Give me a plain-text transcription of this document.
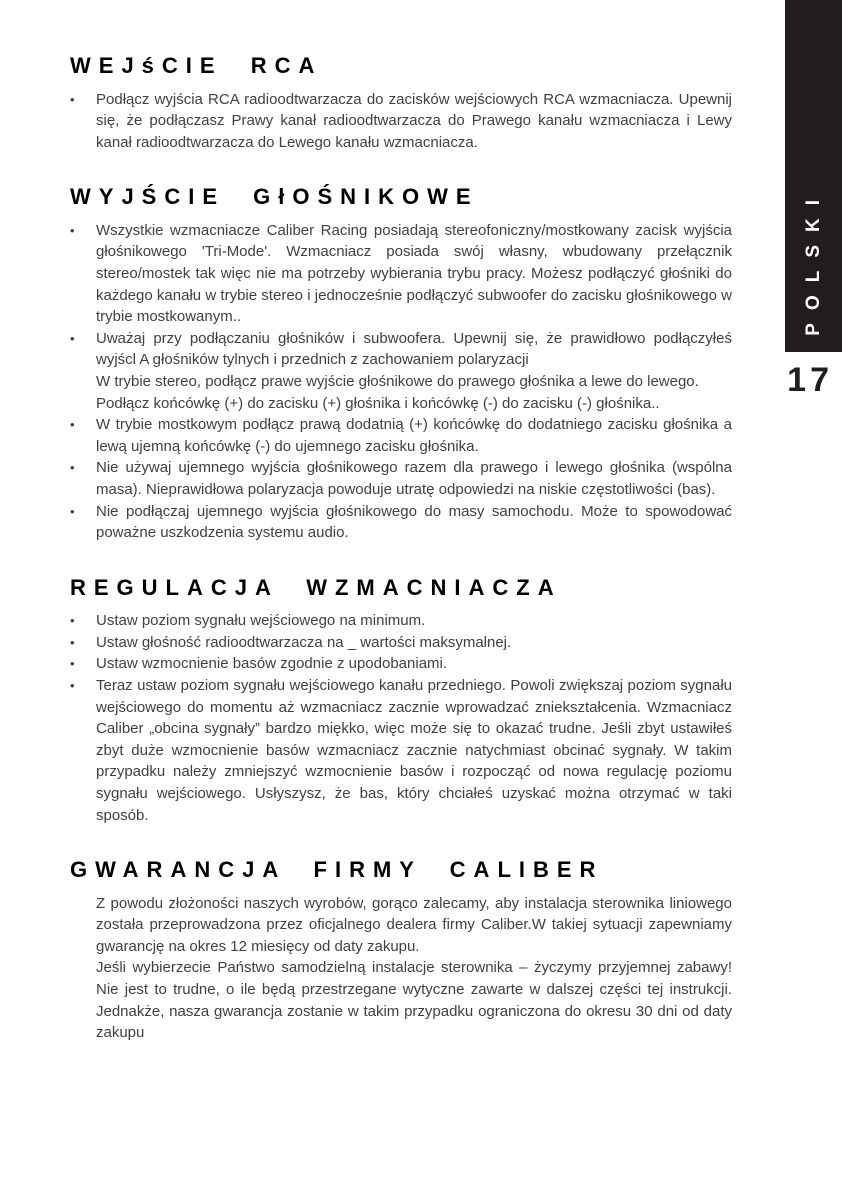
WEJśCIE RCA
•	Podłącz wyjścia RCA radioodtwarzacza do zacisków wejściowych RCA wzmacniacza. Upewnij się, że podłączasz Prawy kanał radioodtwarzacza do Prawego kanału wzmacniacza i Lewy kanał radioodtwarzacza do Lewego kanału wzmacniacza.

WYJŚCIE GłOŚNIKOWE
•	Wszystkie wzmacniacze Caliber Racing posiadają stereofoniczny/mostkowany zacisk wyjścia głośnikowego 'Tri-Mode'. Wzmacniacz posiada swój własny, wbudowany przełącznik stereo/mostek tak więc nie ma potrzeby wybierania trybu pracy. Możesz podłączyć głośniki do każdego kanału w trybie stereo i jednocześnie podłączyć subwoofer do zacisku głośnikowego w trybie mostkowanym..

•	Uważaj przy podłączaniu głośników i subwoofera. Upewnij się, że prawidłowo podłączyłeś wyjścl A głośników tylnych i przednich z zachowaniem polaryzacji

W trybie stereo, podłącz prawe wyjście głośnikowe do prawego głośnika a lewe do lewego.

Podłącz końcówkę (+) do zacisku (+) głośnika i końcówkę (-) do zacisku (-) głośnika..

•	W trybie mostkowym podłącz prawą dodatnią (+) końcówkę do dodatniego zacisku głośnika a lewą ujemną końcówkę (-) do ujemnego zacisku głośnika.

•	Nie używaj ujemnego wyjścia głośnikowego razem dla prawego i lewego głośnika (wspólna masa). Nieprawidłowa polaryzacja powoduje utratę odpowiedzi na niskie częstotliwości (bas).

•	Nie podłączaj ujemnego wyjścia głośnikowego do masy samochodu. Może to spowodować poważne uszkodzenia systemu audio.

REGULACJA WZMACNIACZA
•	Ustaw poziom sygnału wejściowego na minimum.

•	Ustaw głośność radioodtwarzacza na _ wartości maksymalnej.

•	Ustaw wzmocnienie basów zgodnie z upodobaniami.

•	Teraz ustaw poziom sygnału wejściowego kanału przedniego. Powoli zwiększaj poziom sygnału wejściowego do momentu aż wzmacniacz zacznie wprowadzać zniekształcenia. Wzmacniacz Caliber „obcina sygnały” bardzo miękko, więc może się to okazać trudne. Jeśli zbyt ustawiłeś zbyt duże wzmocnienie basów wzmacniacz zacznie natychmiast obcinać sygnały. W takim przypadku należy zmniejszyć wzmocnienie basów i rozpocząć od nowa regulację poziomu sygnału wejściowego. Usłyszysz, że bas, który chciałeś uzyskać można otrzymać w taki sposób.

GWARANCJA FIRMY CALIBER

Z powodu złożoności naszych wyrobów, gorąco zalecamy, aby instalacja sterownika liniowego została przeprowadzona przez oficjalnego dealera firmy Caliber.W takiej sytuacji zapewniamy gwarancję na okres 12 miesięcy od daty zakupu.

Jeśli wybierzecie Państwo samodzielną instalacje sterownika – życzymy przyjemnej zabawy! Nie jest to trudne, o ile będą przestrzegane wytyczne zawarte w dalszej części tej instrukcji. Jednakże, nasza gwarancja zostanie w takim przypadku ograniczona do okresu 30 dni od daty zakupu

POLSKI
17
